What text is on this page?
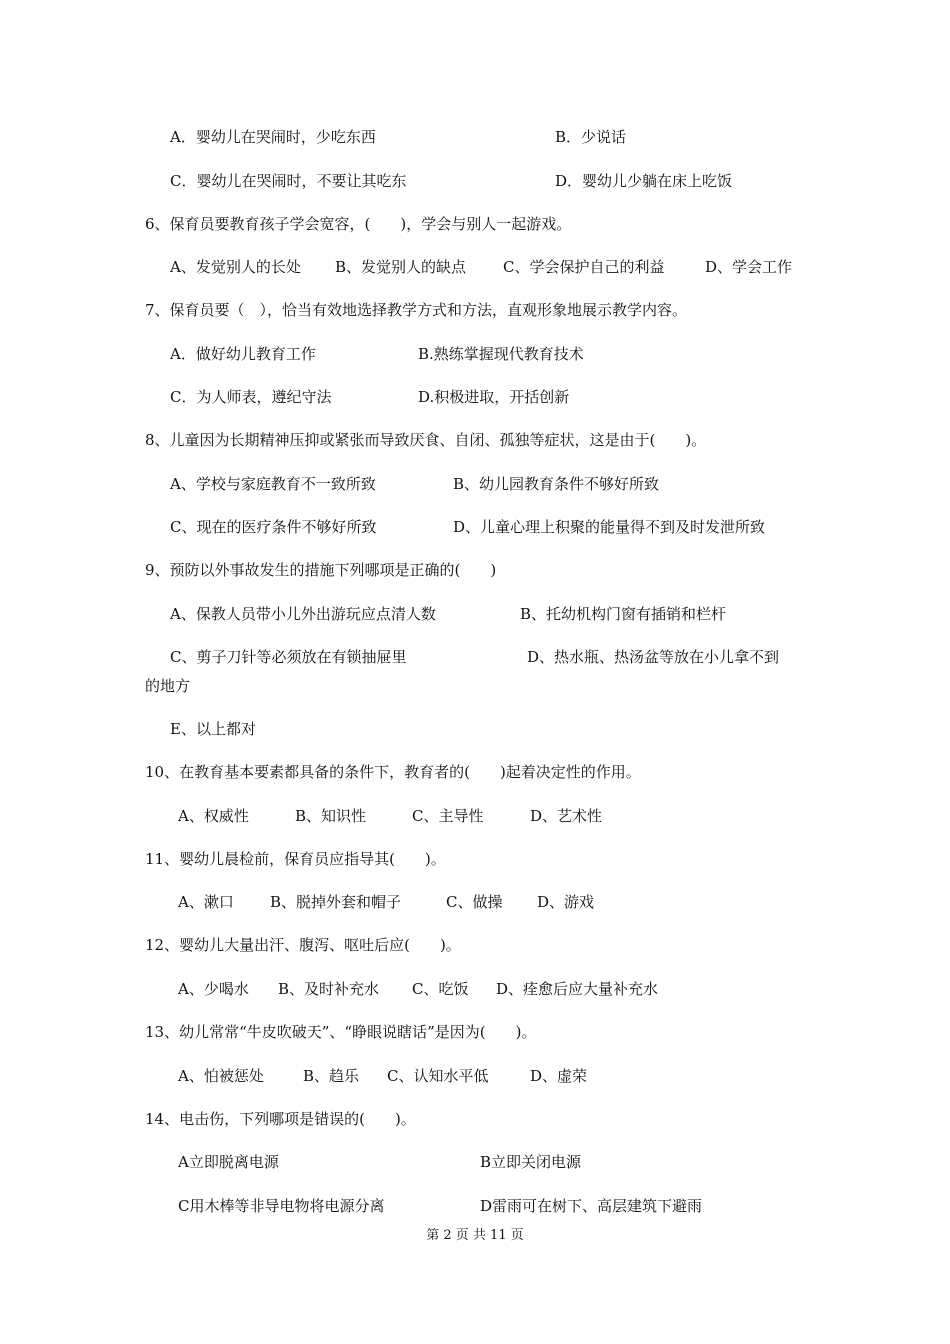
A．婴幼儿在哭闹时，少吃东西	B．少说话
C．婴幼儿在哭闹时，不要让其吃东	D．婴幼儿少躺在床上吃饭
6、保育员要教育孩子学会宽容，(　　)，学会与别人一起游戏。
A、发觉别人的长处 B、发觉别人的缺点 C、学会保护自己的利益	D、学会工作
7、保育员要（　），恰当有效地选择教学方式和方法，直观形象地展示教学内容。
A．做好幼儿教育工作	B.熟练掌握现代教育技术
C．为人师表，遵纪守法	D.积极进取，开括创新
8、儿童因为长期精神压抑或紧张而导致厌食、自闭、孤独等症状，这是由于(　　)。
A、学校与家庭教育不一致所致	B、幼儿园教育条件不够好所致
C、现在的医疗条件不够好所致	D、儿童心理上积聚的能量得不到及时发泄所致
9、预防以外事故发生的措施下列哪项是正确的(　　)
A、保教人员带小儿外出游玩应点清人数	B、托幼机构门窗有插销和栏杆
C、剪子刀针等必须放在有锁抽屉里	D、热水瓶、热汤盆等放在小儿拿不到
的地方
E、以上都对
10、在教育基本要素都具备的条件下，教育者的(　　)起着决定性的作用。
A、权威性	B、知识性	C、主导性	D、艺术性
11、婴幼儿晨检前，保育员应指导其(　　)。
A、漱口 B、脱掉外套和帽子	C、做操 D、游戏
12、婴幼儿大量出汗、腹泻、呕吐后应(　　)。
A、少喝水 B、及时补充水 C、吃饭 D、痊愈后应大量补充水
13、幼儿常常“牛皮吹破天”、“睁眼说瞎话”是因为(　　)。
A、怕被惩处	B、趋乐 C、认知水平低	D、虚荣
14、电击伤，下列哪项是错误的(　　)。
A立即脱离电源	B立即关闭电源
C用木棒等非导电物将电源分离	D雷雨可在树下、高层建筑下避雨
第 2 页 共 11 页
